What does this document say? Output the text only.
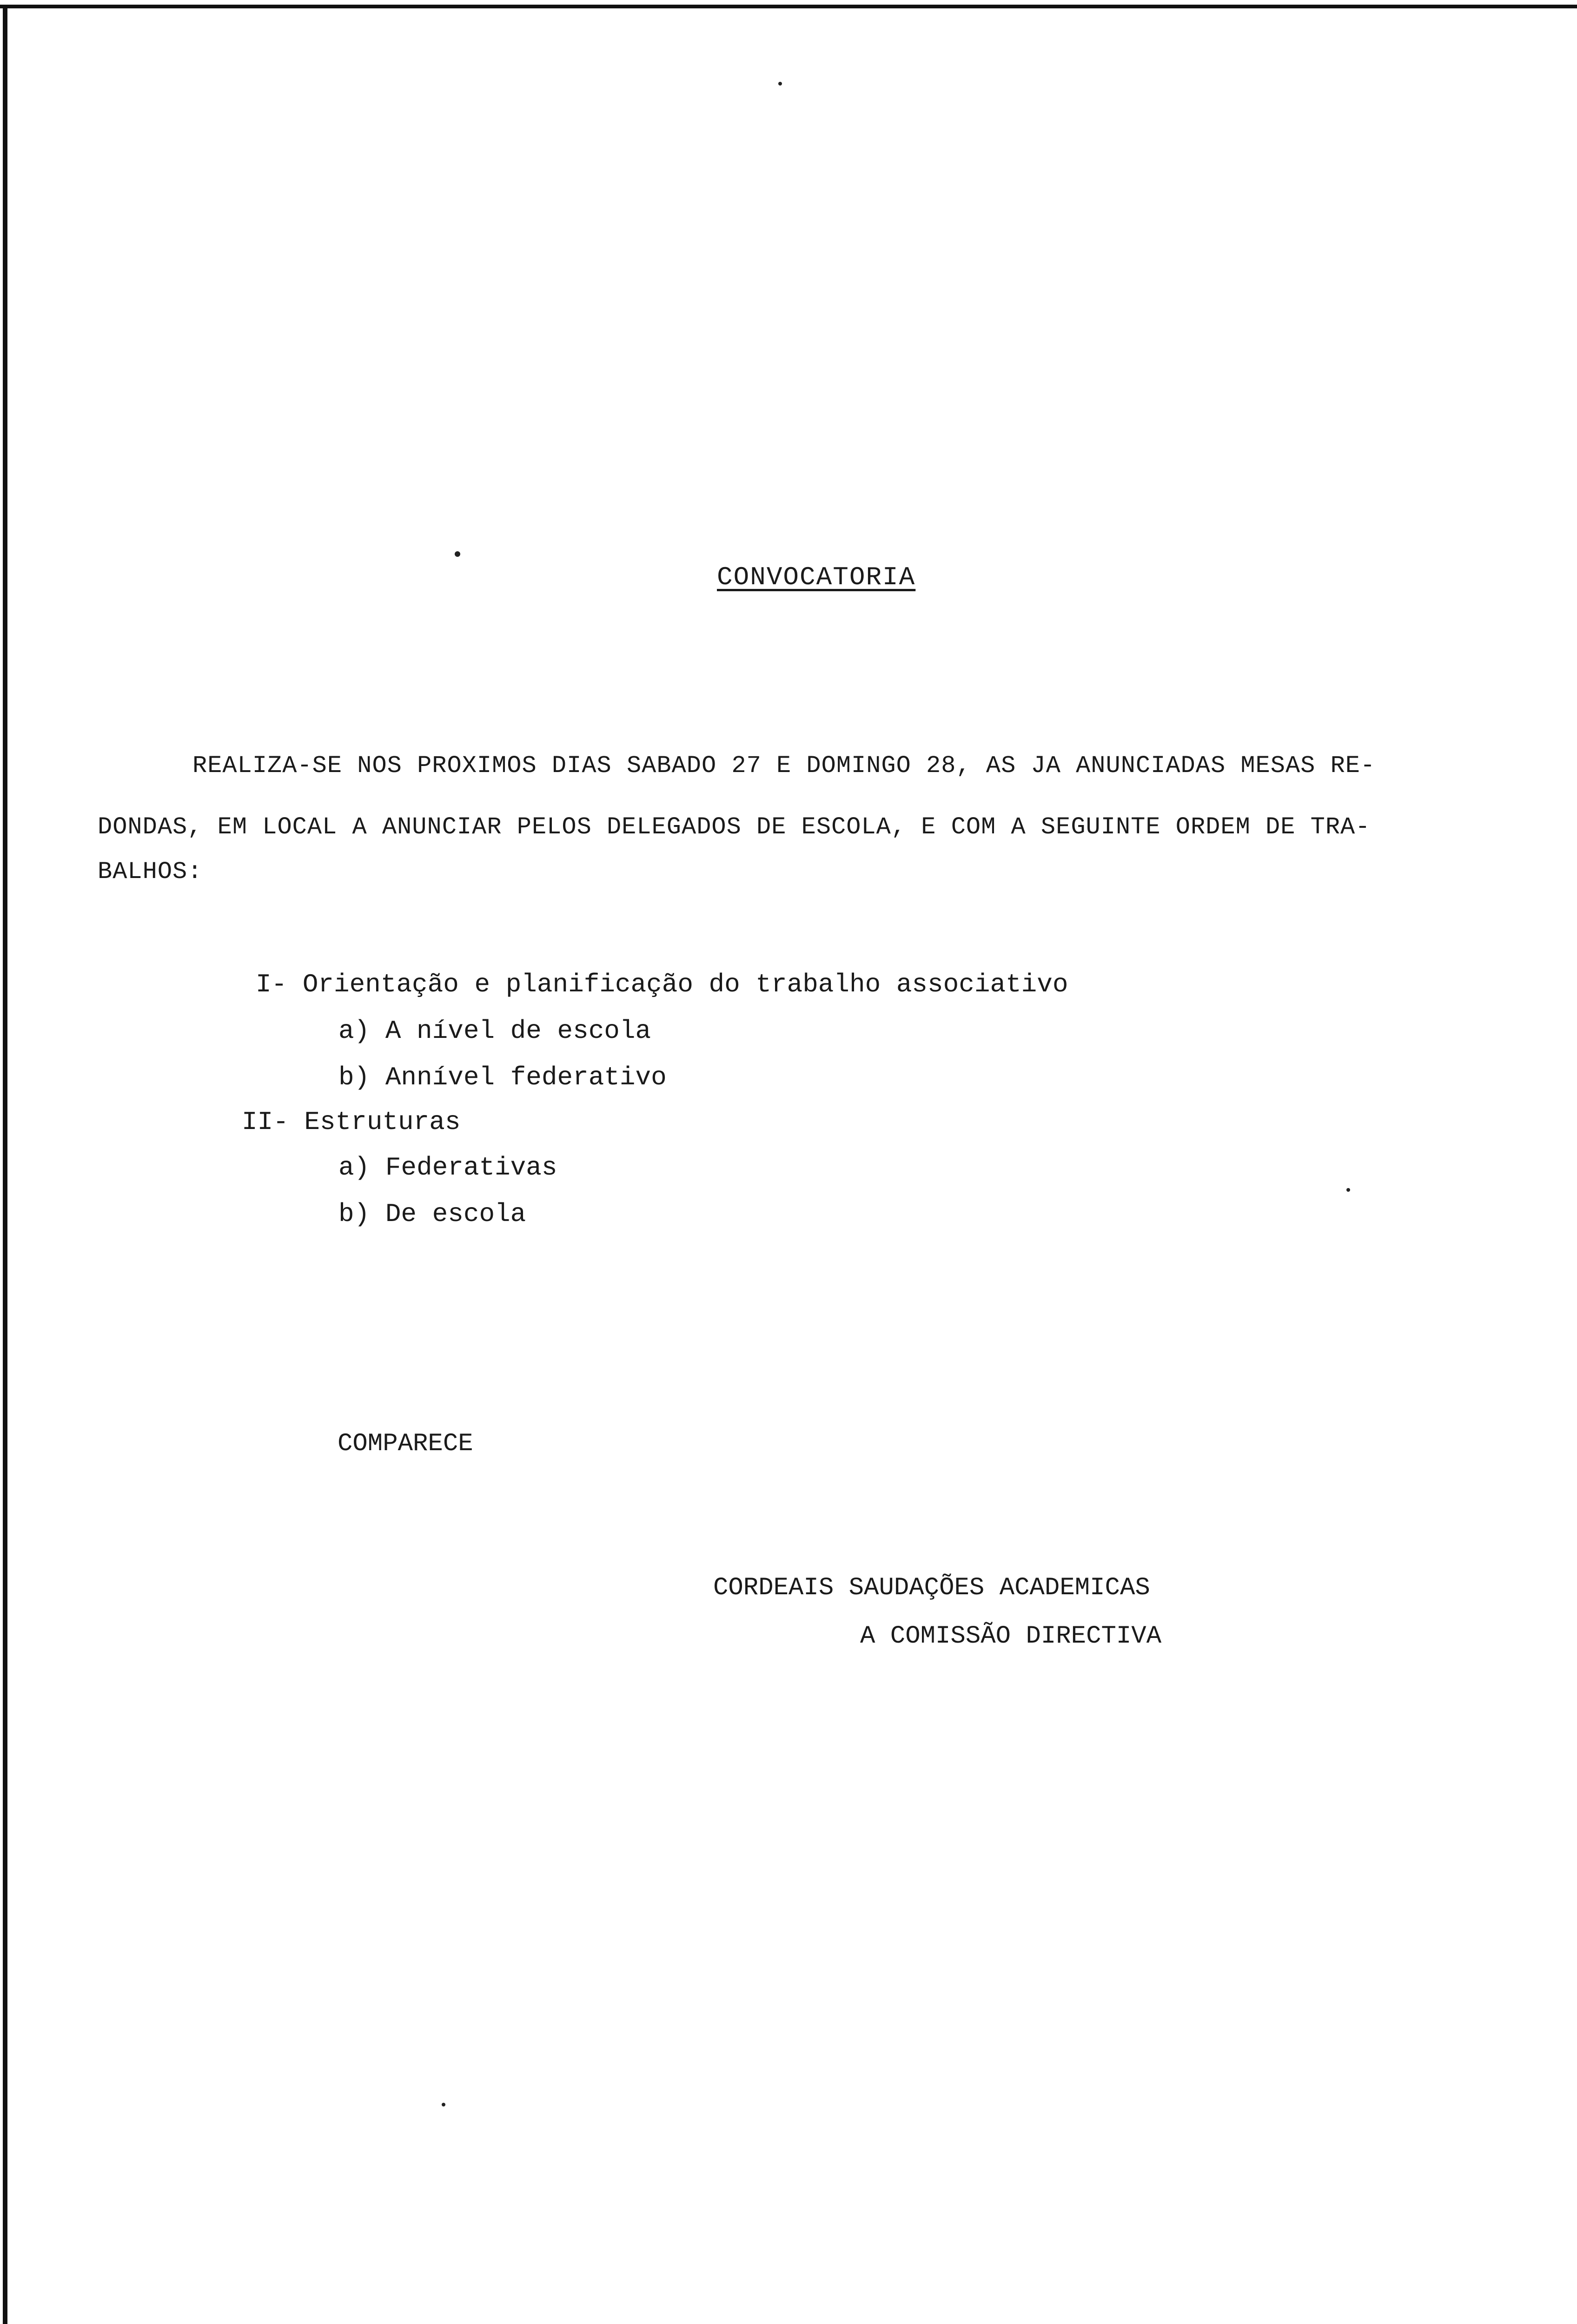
CONVOCATORIA
REALIZA-SE NOS PROXIMOS DIAS SABADO 27 E DOMINGO 28, AS JA ANUNCIADAS MESAS RE-
DONDAS, EM LOCAL A ANUNCIAR PELOS DELEGADOS DE ESCOLA, E COM A SEGUINTE ORDEM DE TRA-
BALHOS:
I- Orientação e planificação do trabalho associativo
a) A nível de escola
b) Annível federativo
II- Estruturas
a) Federativas
b) De escola
COMPARECE
CORDEAIS SAUDAÇÕES ACADEMICAS
A COMISSÃO DIRECTIVA
